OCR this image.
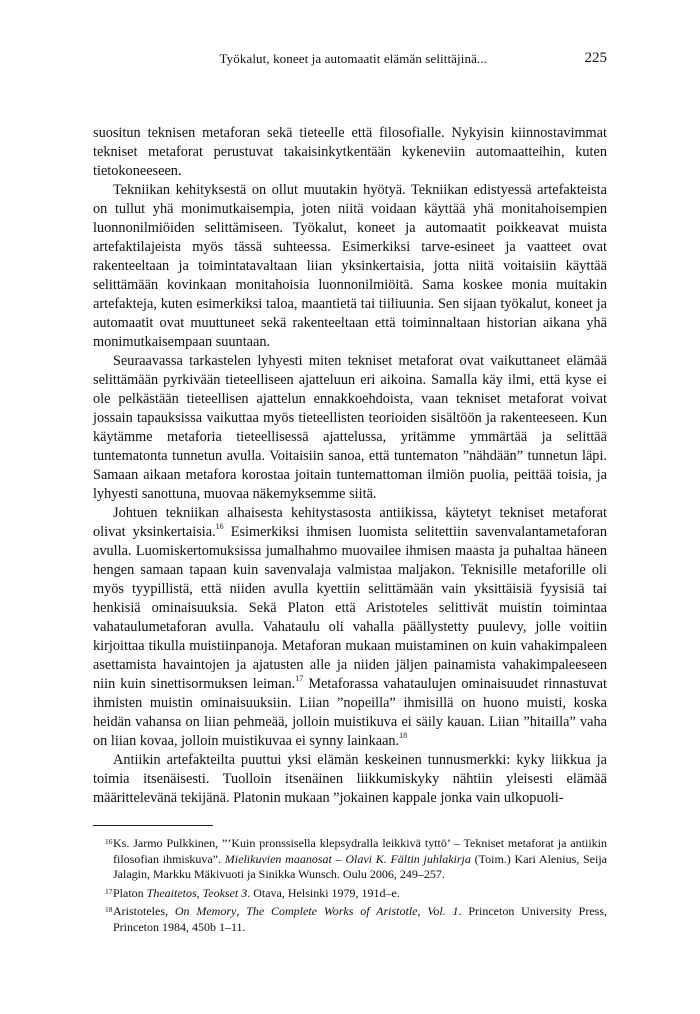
Työkalut, koneet ja automaatit elämän selittäjinä...	225

suositun teknisen metaforan sekä tieteelle että filosofialle. Nykyisin kiinnostavimmat tekniset metaforat perustuvat takaisinkytkentään kykeneviin automaatteihin, kuten tietokoneeseen.

Tekniikan kehityksestä on ollut muutakin hyötyä. Tekniikan edistyessä artefakteista on tullut yhä monimutkaisempia, joten niitä voidaan käyttää yhä monitahoisempien luonnonilmiöiden selittämiseen. Työkalut, koneet ja automaatit poikkeavat muista artefaktilajeista myös tässä suhteessa. Esimerkiksi tarve-esineet ja vaatteet ovat rakenteeltaan ja toimintatavaltaan liian yksinkertaisia, jotta niitä voitaisiin käyttää selittämään kovinkaan monitahoisia luonnonilmiöitä. Sama koskee monia muitakin artefakteja, kuten esimerkiksi taloa, maantietä tai tiiliuunia. Sen sijaan työkalut, koneet ja automaatit ovat muuttuneet sekä rakenteeltaan että toiminnaltaan historian aikana yhä monimutkaisempaan suuntaan.

Seuraavassa tarkastelen lyhyesti miten tekniset metaforat ovat vaikuttaneet elämää selittämään pyrkivään tieteelliseen ajatteluun eri aikoina. Samalla käy ilmi, että kyse ei ole pelkästään tieteellisen ajattelun ennakkoehdoista, vaan tekniset metaforat voivat jossain tapauksissa vaikuttaa myös tieteellisten teorioiden sisältöön ja rakenteeseen. Kun käytämme metaforia tieteellisessä ajattelussa, yritämme ymmärtää ja selittää tuntematonta tunnetun avulla. Voitaisiin sanoa, että tuntematon ”nähdään” tunnetun läpi. Samaan aikaan metafora korostaa joitain tuntemattoman ilmiön puolia, peittää toisia, ja lyhyesti sanottuna, muovaa näkemyksemme siitä.

Johtuen tekniikan alhaisesta kehitystasosta antiikissa, käytetyt tekniset metaforat olivat yksinkertaisia.$^{16}$ Esimerkiksi ihmisen luomista selitettiin savenvalantametaforan avulla. Luomiskertomuksissa jumalhahmo muovailee ihmisen maasta ja puhaltaa häneen hengen samaan tapaan kuin savenvalaja valmistaa maljakon. Teknisille metaforille oli myös tyypillistä, että niiden avulla kyettiin selittämään vain yksittäisiä fyysisiä tai henkisiä ominaisuuksia. Sekä Platon että Aristoteles selittivät muistin toimintaa vahataulumetaforan avulla. Vahataulu oli vahalla päällystetty puulevy, jolle voitiin kirjoittaa tikulla muistiinpanoja. Metaforan mukaan muistaminen on kuin vahakimpaleen asettamista havaintojen ja ajatusten alle ja niiden jäljen painamista vahakimpaleeseen niin kuin sinettisormuksen leiman.$^{17}$ Metaforassa vahataulujen ominaisuudet rinnastuvat ihmisten muistin ominaisuuksiin. Liian ”nopeilla” ihmisillä on huono muisti, koska heidän vahansa on liian pehmeää, jolloin muistikuva ei säily kauan. Liian ”hitailla” vaha on liian kovaa, jolloin muistikuvaa ei synny lainkaan.$^{18}$

Antiikin artefakteilta puuttui yksi elämän keskeinen tunnusmerkki: kyky liikkua ja toimia itsenäisesti. Tuolloin itsenäinen liikkumiskyky nähtiin yleisesti elämää määrittelevänä tekijänä. Platonin mukaan ”jokainen kappale jonka vain ulkopuoli-

16 Ks. Jarmo Pulkkinen, ”’Kuin pronssisella klepsydralla leikkivä tyttö’ – Tekniset metaforat ja antiikin filosofian ihmiskuva”. Mielikuvien maanosat – Olavi K. Fältin juhlakirja (Toim.) Kari Alenius, Seija Jalagin, Markku Mäkivuoti ja Sinikka Wunsch. Oulu 2006, 249–257.
17 Platon Theaitetos, Teokset 3. Otava, Helsinki 1979, 191d–e.
18 Aristoteles, On Memory, The Complete Works of Aristotle, Vol. 1. Princeton University Press, Princeton 1984, 450b 1–11.
